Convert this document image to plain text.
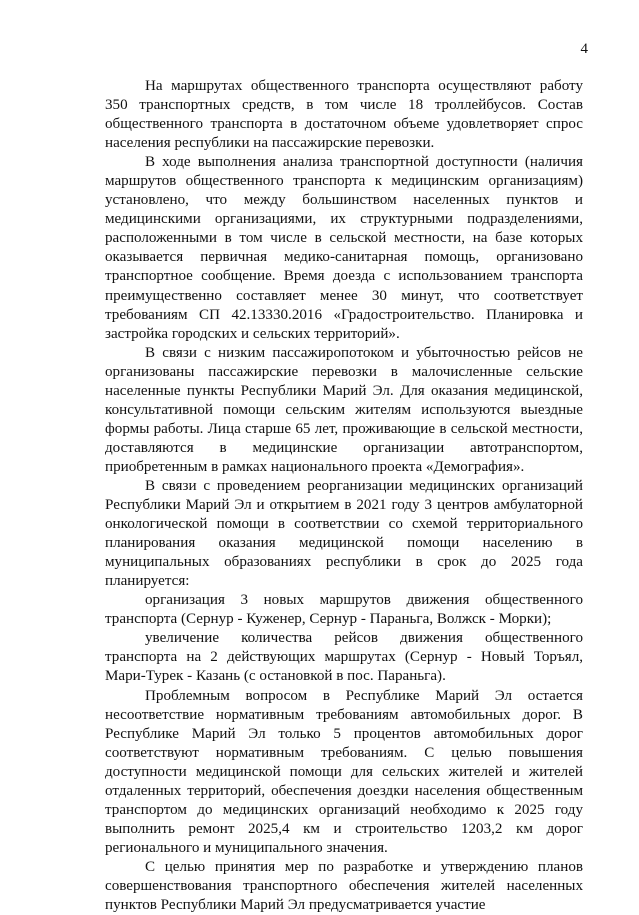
4

На маршрутах общественного транспорта осуществляют работу 350 транспортных средств, в том числе 18 троллейбусов. Состав общественного транспорта в достаточном объеме удовлетворяет спрос населения республики на пассажирские перевозки.

В ходе выполнения анализа транспортной доступности (наличия маршрутов общественного транспорта к медицинским организациям) установлено, что между большинством населенных пунктов и медицинскими организациями, их структурными подразделениями, расположенными в том числе в сельской местности, на базе которых оказывается первичная медико-санитарная помощь, организовано транспортное сообщение. Время доезда с использованием транспорта преимущественно составляет менее 30 минут, что соответствует требованиям СП 42.13330.2016 «Градостроительство. Планировка и застройка городских и сельских территорий».

В связи с низким пассажиропотоком и убыточностью рейсов не организованы пассажирские перевозки в малочисленные сельские населенные пункты Республики Марий Эл. Для оказания медицинской, консультативной помощи сельским жителям используются выездные формы работы. Лица старше 65 лет, проживающие в сельской местности, доставляются в медицинские организации автотранспортом, приобретенным в рамках национального проекта «Демография».

В связи с проведением реорганизации медицинских организаций Республики Марий Эл и открытием в 2021 году 3 центров амбулаторной онкологической помощи в соответствии со схемой территориального планирования оказания медицинской помощи населению в муниципальных образованиях республики в срок до 2025 года планируется:

организация 3 новых маршрутов движения общественного транспорта (Сернур - Куженер, Сернур - Параньга, Волжск - Морки);

увеличение количества рейсов движения общественного транспорта на 2 действующих маршрутах (Сернур - Новый Торъял, Мари-Турек - Казань (с остановкой в пос. Параньга).

Проблемным вопросом в Республике Марий Эл остается несоответствие нормативным требованиям автомобильных дорог. В Республике Марий Эл только 5 процентов автомобильных дорог соответствуют нормативным требованиям. С целью повышения доступности медицинской помощи для сельских жителей и жителей отдаленных территорий, обеспечения доездки населения общественным транспортом до медицинских организаций необходимо к 2025 году выполнить ремонт 2025,4 км и строительство 1203,2 км дорог регионального и муниципального значения.

С целью принятия мер по разработке и утверждению планов совершенствования транспортного обеспечения жителей населенных пунктов Республики Марий Эл предусматривается участие
